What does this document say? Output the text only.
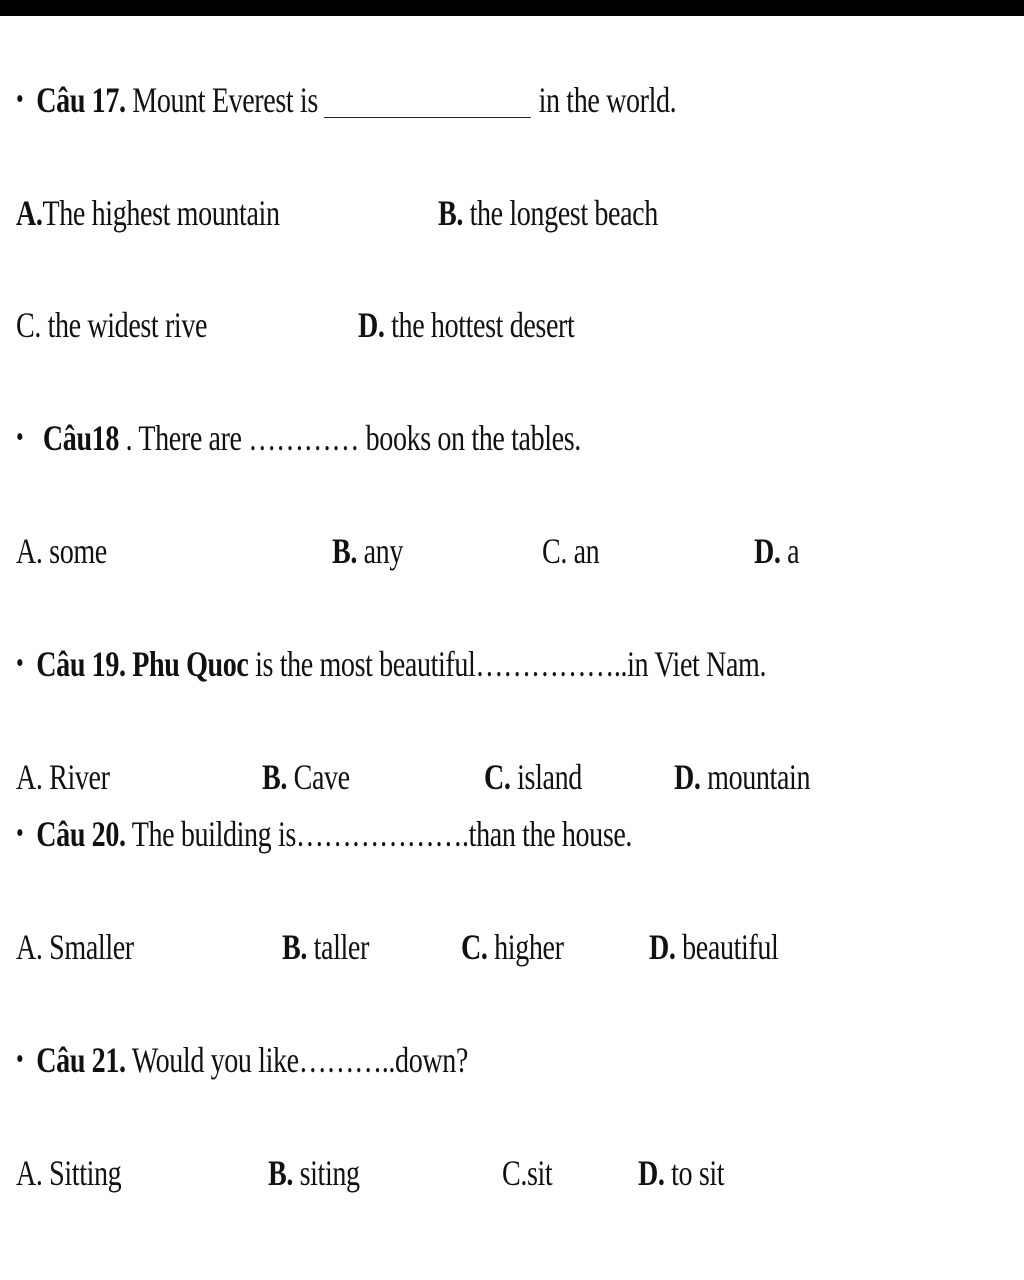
• Câu 17. Mount Everest is	in the world.
A.The highest mountain	B. the longest beach
C. the widest rive	D. the hottest desert
• Câu18 . There are ………… books on the tables.
A. some	B. any	C. an	D. a
• Câu 19. Phu Quoc is the most beautiful……………..in Viet Nam.
A. River	B. Cave	C. island	D. mountain
• Câu 20. The building is……………….than the house.
A. Smaller	B. taller	C. higher D. beautiful
• Câu 21. Would you like………..down?
A. Sitting	B. siting	C.sit D. to sit
